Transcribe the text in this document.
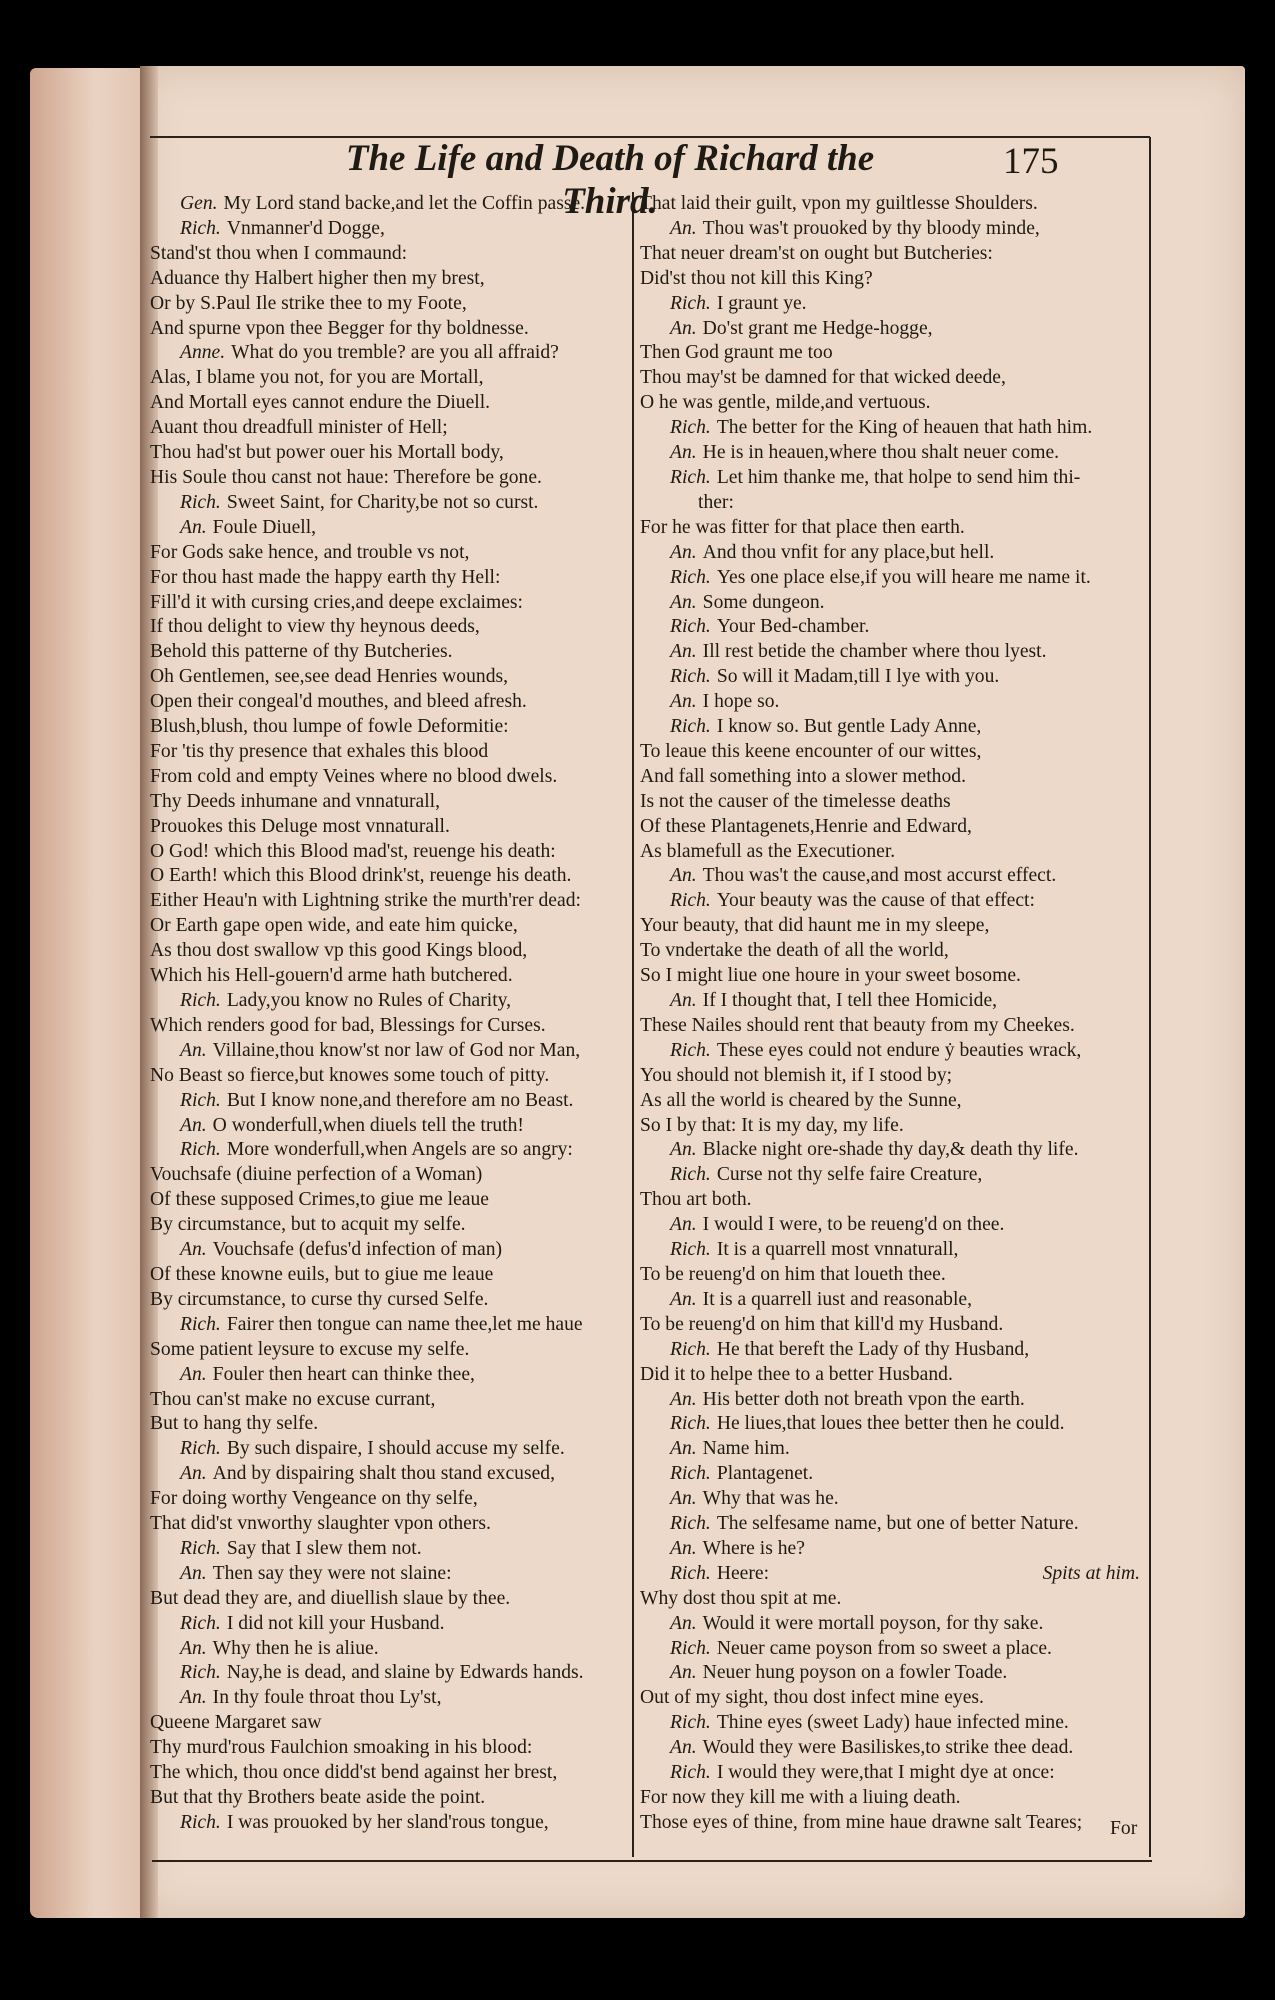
The Life and Death of Richard the Third.
175
Gen. My Lord stand backe,and let the Coffin passe.
Rich. Vnmanner'd Dogge,
Stand'st thou when I commaund:
Aduance thy Halbert higher then my brest,
Or by S.Paul Ile strike thee to my Foote,
And spurne vpon thee Begger for thy boldnesse.
Anne. What do you tremble? are you all affraid?
Alas, I blame you not, for you are Mortall,
And Mortall eyes cannot endure the Diuell.
Auant thou dreadfull minister of Hell;
Thou had'st but power ouer his Mortall body,
His Soule thou canst not haue: Therefore be gone.
Rich. Sweet Saint, for Charity,be not so curst.
An. Foule Diuell,
For Gods sake hence, and trouble vs not,
For thou hast made the happy earth thy Hell:
Fill'd it with cursing cries,and deepe exclaimes:
If thou delight to view thy heynous deeds,
Behold this patterne of thy Butcheries.
Oh Gentlemen, see,see dead Henries wounds,
Open their congeal'd mouthes, and bleed afresh.
Blush,blush, thou lumpe of fowle Deformitie:
For 'tis thy presence that exhales this blood
From cold and empty Veines where no blood dwels.
Thy Deeds inhumane and vnnaturall,
Prouokes this Deluge most vnnaturall.
O God! which this Blood mad'st, reuenge his death:
O Earth! which this Blood drink'st, reuenge his death.
Either Heau'n with Lightning strike the murth'rer dead:
Or Earth gape open wide, and eate him quicke,
As thou dost swallow vp this good Kings blood,
Which his Hell-gouern'd arme hath butchered.
Rich. Lady,you know no Rules of Charity,
Which renders good for bad, Blessings for Curses.
An. Villaine,thou know'st nor law of God nor Man,
No Beast so fierce,but knowes some touch of pitty.
Rich. But I know none,and therefore am no Beast.
An. O wonderfull,when diuels tell the truth!
Rich. More wonderfull,when Angels are so angry:
Vouchsafe (diuine perfection of a Woman)
Of these supposed Crimes,to giue me leaue
By circumstance, but to acquit my selfe.
An. Vouchsafe (defus'd infection of man)
Of these knowne euils, but to giue me leaue
By circumstance, to curse thy cursed Selfe.
Rich. Fairer then tongue can name thee,let me haue
Some patient leysure to excuse my selfe.
An. Fouler then heart can thinke thee,
Thou can'st make no excuse currant,
But to hang thy selfe.
Rich. By such dispaire, I should accuse my selfe.
An. And by dispairing shalt thou stand excused,
For doing worthy Vengeance on thy selfe,
That did'st vnworthy slaughter vpon others.
Rich. Say that I slew them not.
An. Then say they were not slaine:
But dead they are, and diuellish slaue by thee.
Rich. I did not kill your Husband.
An. Why then he is aliue.
Rich. Nay,he is dead, and slaine by Edwards hands.
An. In thy foule throat thou Ly'st,
Queene Margaret saw
Thy murd'rous Faulchion smoaking in his blood:
The which, thou once didd'st bend against her brest,
But that thy Brothers beate aside the point.
Rich. I was prouoked by her sland'rous tongue,
That laid their guilt, vpon my guiltlesse Shoulders.
An. Thou was't prouoked by thy bloody minde,
That neuer dream'st on ought but Butcheries:
Did'st thou not kill this King?
Rich. I graunt ye.
An. Do'st grant me Hedge-hogge,
Then God graunt me too
Thou may'st be damned for that wicked deede,
O he was gentle, milde,and vertuous.
Rich. The better for the King of heauen that hath him.
An. He is in heauen,where thou shalt neuer come.
Rich. Let him thanke me, that holpe to send him thi-
ther:
For he was fitter for that place then earth.
An. And thou vnfit for any place,but hell.
Rich. Yes one place else,if you will heare me name it.
An. Some dungeon.
Rich. Your Bed-chamber.
An. Ill rest betide the chamber where thou lyest.
Rich. So will it Madam,till I lye with you.
An. I hope so.
Rich. I know so. But gentle Lady Anne,
To leaue this keene encounter of our wittes,
And fall something into a slower method.
Is not the causer of the timelesse deaths
Of these Plantagenets,Henrie and Edward,
As blamefull as the Executioner.
An. Thou was't the cause,and most accurst effect.
Rich. Your beauty was the cause of that effect:
Your beauty, that did haunt me in my sleepe,
To vndertake the death of all the world,
So I might liue one houre in your sweet bosome.
An. If I thought that, I tell thee Homicide,
These Nailes should rent that beauty from my Cheekes.
Rich. These eyes could not endure ẏ beauties wrack,
You should not blemish it, if I stood by;
As all the world is cheared by the Sunne,
So I by that: It is my day, my life.
An. Blacke night ore-shade thy day,& death thy life.
Rich. Curse not thy selfe faire Creature,
Thou art both.
An. I would I were, to be reueng'd on thee.
Rich. It is a quarrell most vnnaturall,
To be reueng'd on him that loueth thee.
An. It is a quarrell iust and reasonable,
To be reueng'd on him that kill'd my Husband.
Rich. He that bereft the Lady of thy Husband,
Did it to helpe thee to a better Husband.
An. His better doth not breath vpon the earth.
Rich. He liues,that loues thee better then he could.
An. Name him.
Rich. Plantagenet.
An. Why that was he.
Rich. The selfesame name, but one of better Nature.
An. Where is he?
Rich. Heere:	Spits at him.
Why dost thou spit at me.
An. Would it were mortall poyson, for thy sake.
Rich. Neuer came poyson from so sweet a place.
An. Neuer hung poyson on a fowler Toade.
Out of my sight, thou dost infect mine eyes.
Rich. Thine eyes (sweet Lady) haue infected mine.
An. Would they were Basiliskes,to strike thee dead.
Rich. I would they were,that I might dye at once:
For now they kill me with a liuing death.
Those eyes of thine, from mine haue drawne salt Teares;	For
